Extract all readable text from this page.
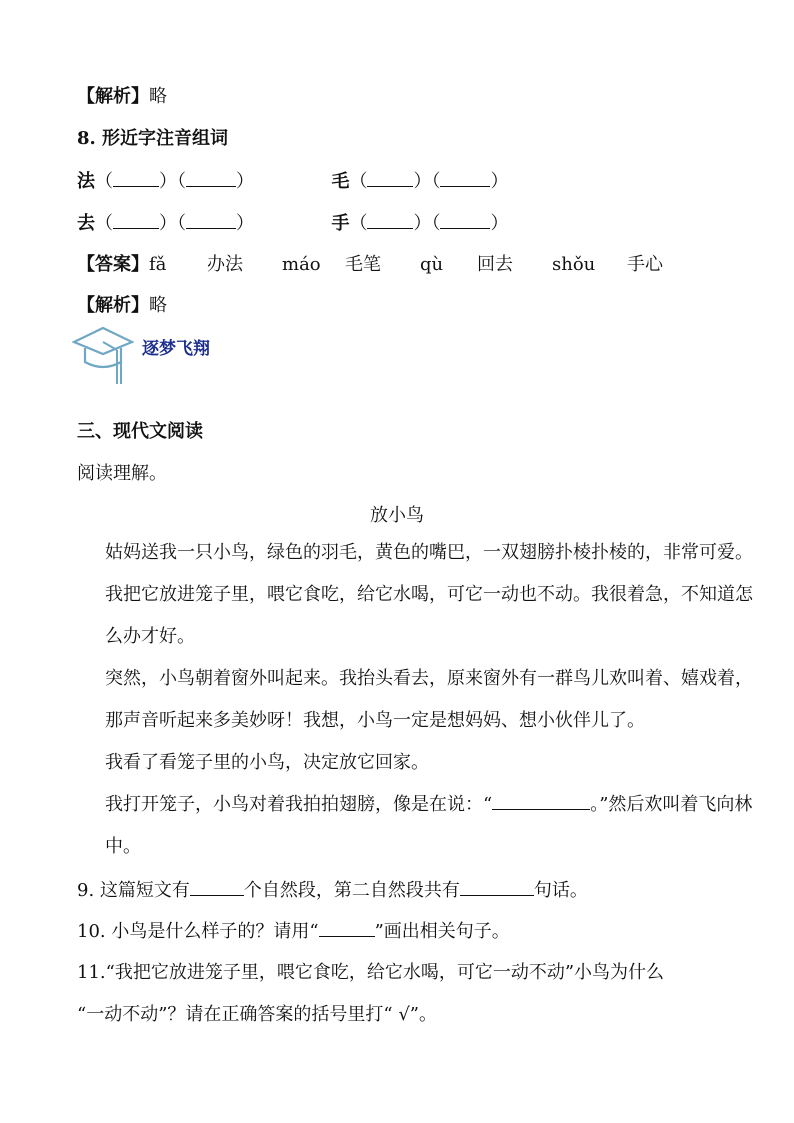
【解析】略
8. 形近字注音组词
法（	）（	）	毛（	）（	）
去（	）（	）	手（	）（	）
【答案】fǎ 办法 máo 毛笔 qù 回去 shǒu 手心
【解析】略
逐梦飞翔
三、现代文阅读
阅读理解。
放小鸟
姑妈送我一只小鸟，绿色的羽毛，黄色的嘴巴，一双翅膀扑棱扑棱的，非常可爱。我把它放进笼子里，喂它食吃，给它水喝，可它一动也不动。我很着急，不知道怎么办才好。
突然，小鸟朝着窗外叫起来。我抬头看去，原来窗外有一群鸟儿欢叫着、嬉戏着，那声音听起来多美妙呀！我想，小鸟一定是想妈妈、想小伙伴儿了。
我看了看笼子里的小鸟，决定放它回家。
我打开笼子，小鸟对着我拍拍翅膀，像是在说：“	。”然后欢叫着飞向林中。
9. 这篇短文有	个自然段，第二自然段共有	句话。
10. 小鸟是什么样子的？请用“	”画出相关句子。
11.“我把它放进笼子里，喂它食吃，给它水喝，可它一动不动”小鸟为什么
“一动不动”？请在正确答案的括号里打“ √”。
